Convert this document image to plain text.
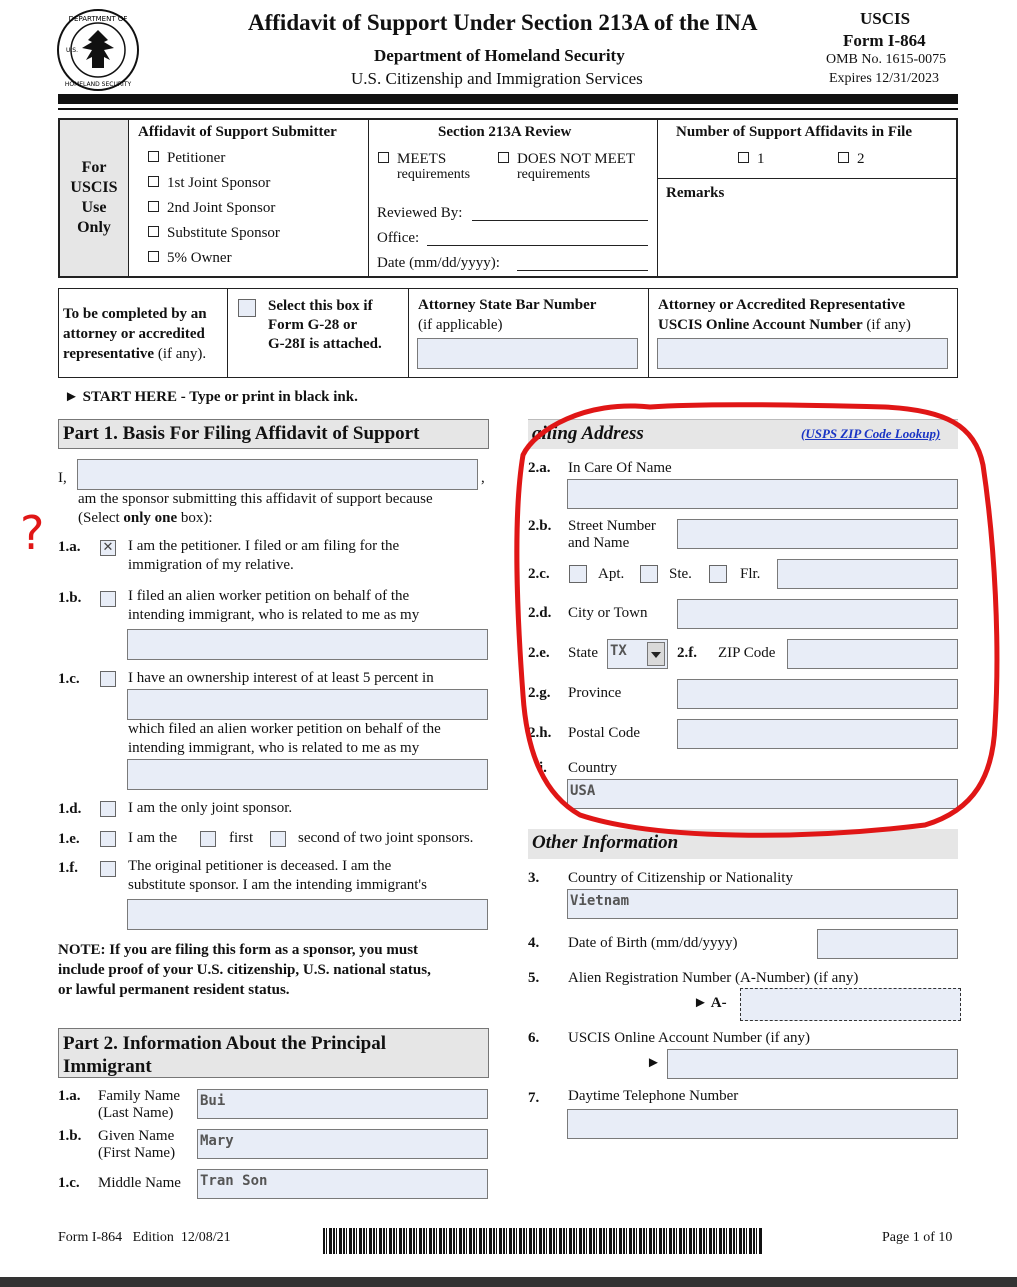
DEPARTMENT OF
HOMELAND SECURITY
U.S.
Affidavit of Support Under Section 213A of the INA
Department of Homeland Security
U.S. Citizenship and Immigration Services
USCIS
Form I-864
OMB No. 1615-0075
Expires 12/31/2023
For
USCIS
Use
Only
Affidavit of Support Submitter
Petitioner
1st Joint Sponsor
2nd Joint Sponsor
Substitute Sponsor
5% Owner
Section 213A Review
MEETS
requirements
DOES NOT MEET
requirements
Reviewed By:
Office:
Date (mm/dd/yyyy):
Number of Support Affidavits in File
1	2
Remarks
To be completed by an
attorney or accredited
representative (if any).
Select this box if
Form G-28 or
G-28I is attached.
Attorney State Bar Number
(if applicable)
Attorney or Accredited Representative
USCIS Online Account Number (if any)
► START HERE - Type or print in black ink.
Part 1. Basis For Filing Affidavit of Support
I,	,
am the sponsor submitting this affidavit of support because
(Select only one box):
? 1.a. ✕ I am the petitioner. I filed or am filing for the
immigration of my relative.
1.b.	I filed an alien worker petition on behalf of the
intending immigrant, who is related to me as my
1.c.	I have an ownership interest of at least 5 percent in
which filed an alien worker petition on behalf of the
intending immigrant, who is related to me as my
1.d.	I am the only joint sponsor.
1.e.	I am the	first	second of two joint sponsors.
1.f.	The original petitioner is deceased. I am the
substitute sponsor. I am the intending immigrant's
NOTE: If you are filing this form as a sponsor, you must
include proof of your U.S. citizenship, U.S. national status,
or lawful permanent resident status.
Part 2. Information About the Principal
Immigrant
1.a. Family Name
(Last Name)
Bui
1.b. Given Name
(First Name)
Mary
1.c. Middle Name Tran Son
ailing Address	(USPS ZIP Code Lookup)
2.a. In Care Of Name
2.b. Street Number
and Name
2.c.	Apt.	Ste.	Flr.
2.d. City or Town
2.e. State TX	2.f. ZIP Code
2.g. Province
2.h. Postal Code
i. Country
USA
Other Information
3. Country of Citizenship or Nationality
Vietnam
4. Date of Birth (mm/dd/yyyy)
5. Alien Registration Number (A-Number) (if any)
► A-
6. USCIS Online Account Number (if any)
►
7. Daytime Telephone Number
Form I-864   Edition  12/08/21	Page 1 of 10
